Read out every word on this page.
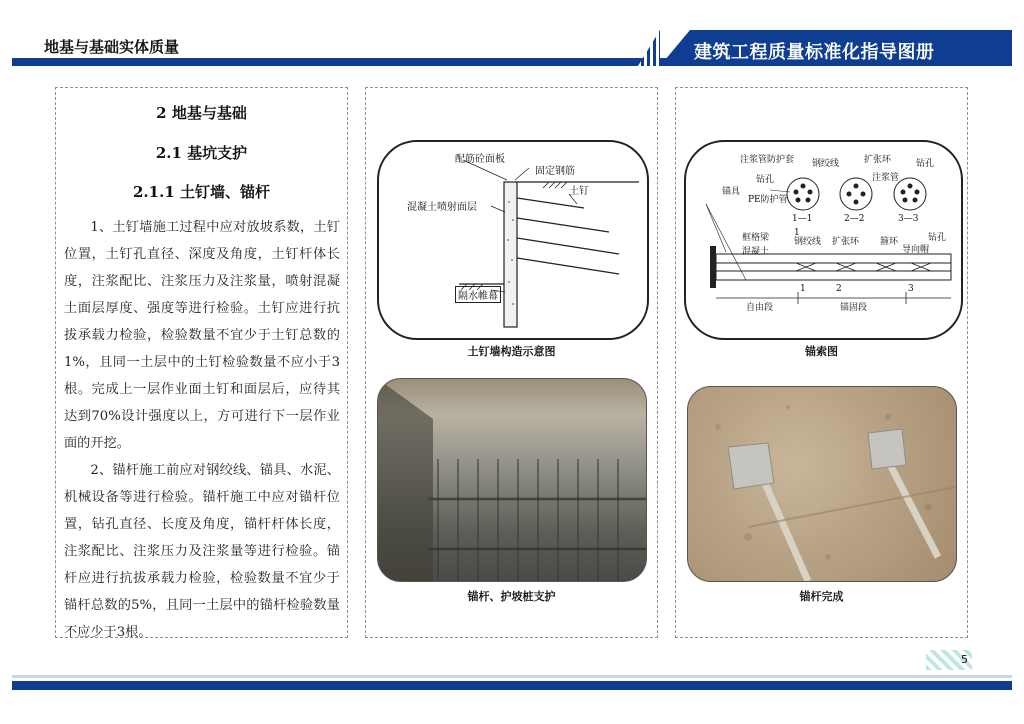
地基与基础实体质量	建筑工程质量标准化指导图册
2 地基与基础
2.1 基坑支护
2.1.1 土钉墙、锚杆

1、土钉墙施工过程中应对放坡系数，土钉位置，土钉孔直径、深度及角度，土钉杆体长度，注浆配比、注浆压力及注浆量，喷射混凝土面层厚度、强度等进行检验。土钉应进行抗拔承载力检验，检验数量不宜少于土钉总数的1%，且同一土层中的土钉检验数量不应小于3根。完成上一层作业面土钉和面层后，应待其达到70%设计强度以上，方可进行下一层作业面的开挖。

2、锚杆施工前应对钢绞线、锚具、水泥、机械设备等进行检验。锚杆施工中应对锚杆位置，钻孔直径、长度及角度，锚杆杆体长度，注浆配比、注浆压力及注浆量等进行检验。锚杆应进行抗拔承载力检验，检验数量不宜少于锚杆总数的5%，且同一土层中的锚杆检验数量不应少于3根。

配筋砼面板
固定钢筋
土钉
混凝土喷射面层
隔水帷幕
土钉墙构造示意图
锚杆、护坡桩支护
注浆管防护套 钢绞线	扩张环	钻孔
钻孔	注浆管
锚具
PE防护管
1—1	2—2	3—3
框格梁
混凝土
钢绞线 扩张环 箍环
导向帽
钻孔
1
自由段	锚固段
1	2	3
锚索图
锚杆完成
5
